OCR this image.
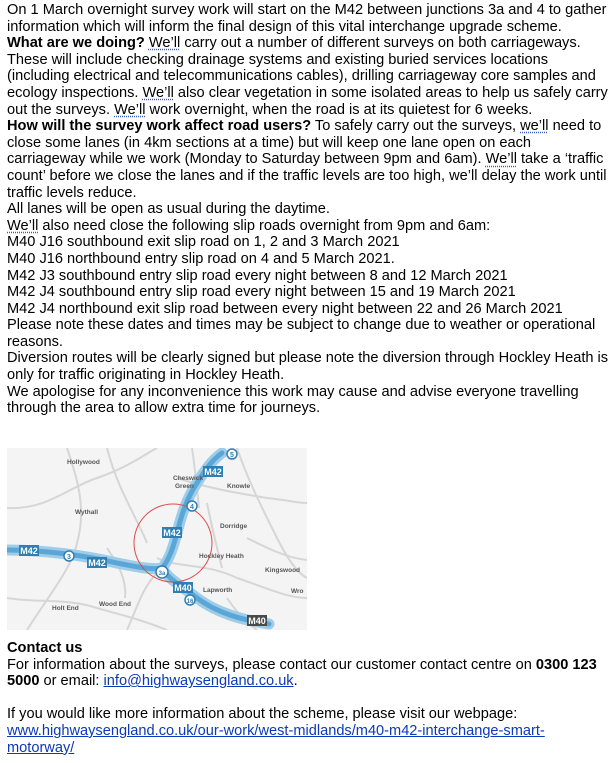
On 1 March overnight survey work will start on the M42 between junctions 3a and 4 to gather information which will inform the final design of this vital interchange upgrade scheme.

What are we doing? We’ll carry out a number of different surveys on both carriageways. These will include checking drainage systems and existing buried services locations (including electrical and telecommunications cables), drilling carriageway core samples and ecology inspections. We’ll also clear vegetation in some isolated areas to help us safely carry out the surveys. We’ll work overnight, when the road is at its quietest for 6 weeks.

How will the survey work affect road users? To safely carry out the surveys, we’ll need to close some lanes (in 4km sections at a time) but will keep one lane open on each carriageway while we work (Monday to Saturday between 9pm and 6am). We’ll take a ‘traffic count’ before we close the lanes and if the traffic levels are too high, we’ll delay the work until traffic levels reduce.

All lanes will be open as usual during the daytime.

We’ll also need close the following slip roads overnight from 9pm and 6am:

M40 J16 southbound exit slip road on 1, 2 and 3 March 2021

M40 J16 northbound entry slip road on 4 and 5 March 2021.

M42 J3 southbound entry slip road every night between 8 and 12 March 2021

M42 J4 southbound entry slip road every night between 15 and 19 March 2021

M42 J4 northbound exit slip road between every night between 22 and 26 March 2021

Please note these dates and times may be subject to change due to weather or operational reasons.

Diversion routes will be clearly signed but please note the diversion through Hockley Heath is only for traffic originating in Hockley Heath.

We apologise for any inconvenience this work may cause and advise everyone travelling through the area to allow extra time for journeys.

M42
M42
M42
M42
M40
M40
5
4
3
3a
16
Hollywood
Cheswick Green	Knowle
Wythall
Dorridge
Hockley Heath
Kingswood
Wro
Lapworth
Wood End
Holt End

Contact us

For information about the surveys, please contact our customer contact centre on 0300 123 5000 or email: info@highwaysengland.co.uk.

If you would like more information about the scheme, please visit our webpage:

www.highwaysengland.co.uk/our-work/west-midlands/m40-m42-interchange-smart-motorway/
